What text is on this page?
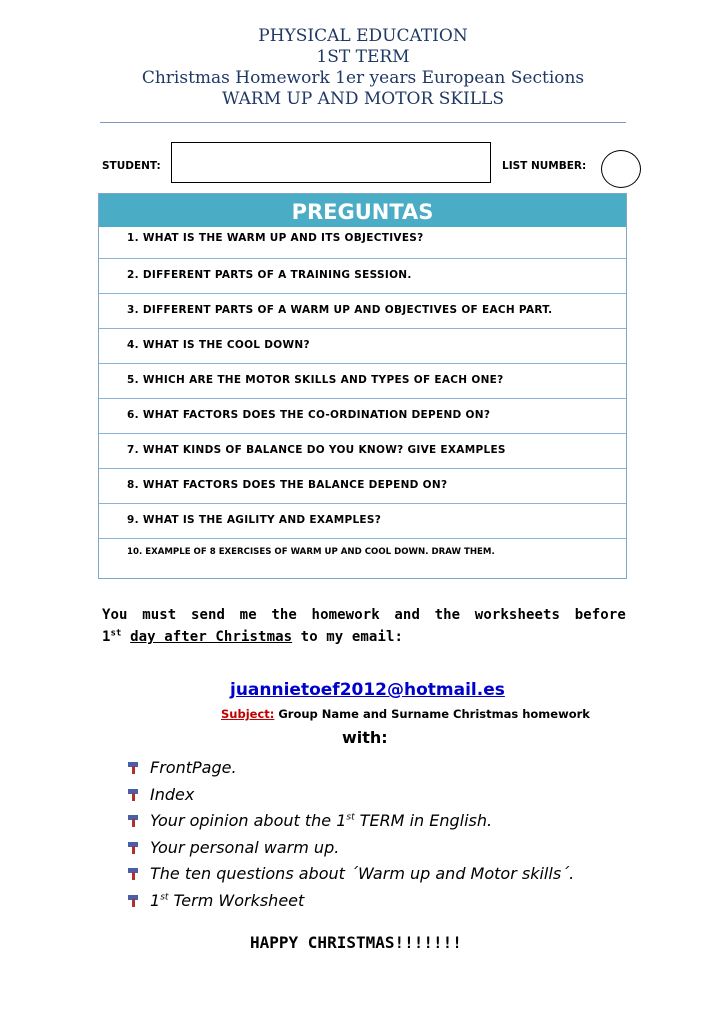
PHYSICAL EDUCATION
1ST TERM
Christmas Homework 1er years European Sections
WARM UP AND MOTOR SKILLS
STUDENT:	LIST NUMBER:
PREGUNTAS
1. WHAT IS THE WARM UP AND ITS OBJECTIVES?
2. DIFFERENT PARTS OF A TRAINING SESSION.
3. DIFFERENT PARTS OF A WARM UP AND OBJECTIVES OF EACH PART.
4. WHAT IS THE COOL DOWN?
5. WHICH ARE THE MOTOR SKILLS AND TYPES OF EACH ONE?
6. WHAT FACTORS DOES THE CO-ORDINATION DEPEND ON?
7. WHAT KINDS OF BALANCE DO YOU KNOW? GIVE EXAMPLES
8. WHAT FACTORS DOES THE BALANCE DEPEND ON?
9. WHAT IS THE AGILITY AND EXAMPLES?
10. EXAMPLE OF 8 EXERCISES OF WARM UP AND COOL DOWN. DRAW THEM.
You must send me the homework and the worksheets before
1st day after Christmas to my email:
juannietoef2012@hotmail.es
Subject: Group Name and Surname Christmas homework
with:
FrontPage.
Index
Your opinion about the 1st TERM in English.
Your personal warm up.
The ten questions about ´Warm up and Motor skills´.
1st Term Worksheet
HAPPY CHRISTMAS!!!!!!!
